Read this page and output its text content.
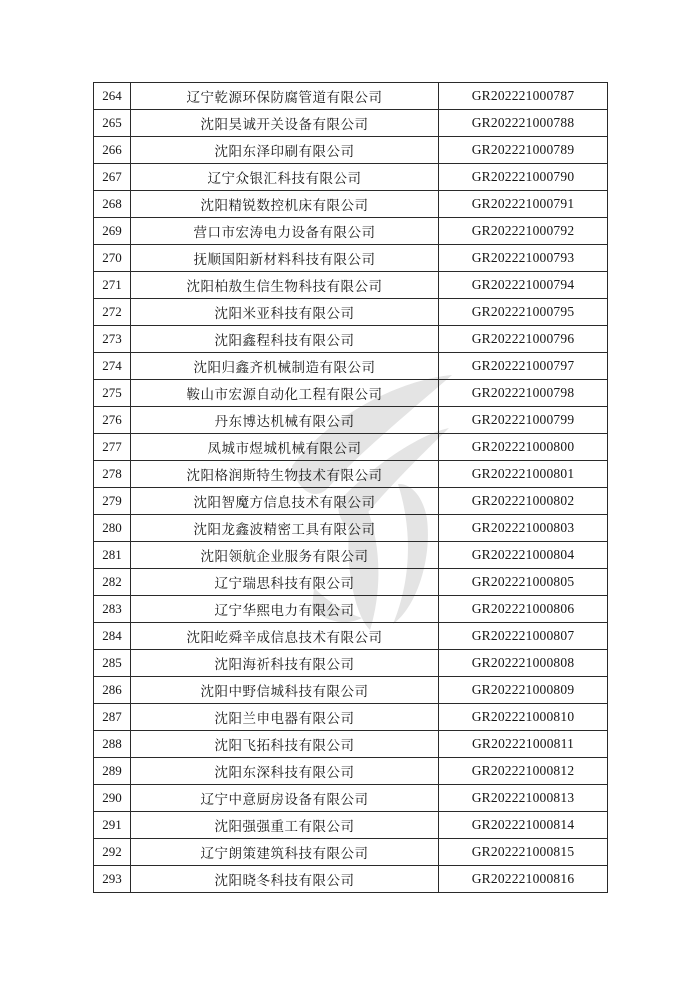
264	辽宁乾源环保防腐管道有限公司	GR202221000787
265	沈阳昊诚开关设备有限公司	GR202221000788
266	沈阳东泽印刷有限公司	GR202221000789
267	辽宁众银汇科技有限公司	GR202221000790
268	沈阳精锐数控机床有限公司	GR202221000791
269	营口市宏涛电力设备有限公司	GR202221000792
270	抚顺国阳新材料科技有限公司	GR202221000793
271	沈阳柏敖生信生物科技有限公司	GR202221000794
272	沈阳米亚科技有限公司	GR202221000795
273	沈阳鑫程科技有限公司	GR202221000796
274	沈阳归鑫齐机械制造有限公司	GR202221000797
275	鞍山市宏源自动化工程有限公司	GR202221000798
276	丹东博达机械有限公司	GR202221000799
277	凤城市煜城机械有限公司	GR202221000800
278	沈阳格润斯特生物技术有限公司	GR202221000801
279	沈阳智魔方信息技术有限公司	GR202221000802
280	沈阳龙鑫波精密工具有限公司	GR202221000803
281	沈阳领航企业服务有限公司	GR202221000804
282	辽宁瑞思科技有限公司	GR202221000805
283	辽宁华熙电力有限公司	GR202221000806
284	沈阳屹舜辛成信息技术有限公司	GR202221000807
285	沈阳海祈科技有限公司	GR202221000808
286	沈阳中野信城科技有限公司	GR202221000809
287	沈阳兰申电器有限公司	GR202221000810
288	沈阳飞拓科技有限公司	GR202221000811
289	沈阳东深科技有限公司	GR202221000812
290	辽宁中意厨房设备有限公司	GR202221000813
291	沈阳强强重工有限公司	GR202221000814
292	辽宁朗策建筑科技有限公司	GR202221000815
293	沈阳晓冬科技有限公司	GR202221000816
